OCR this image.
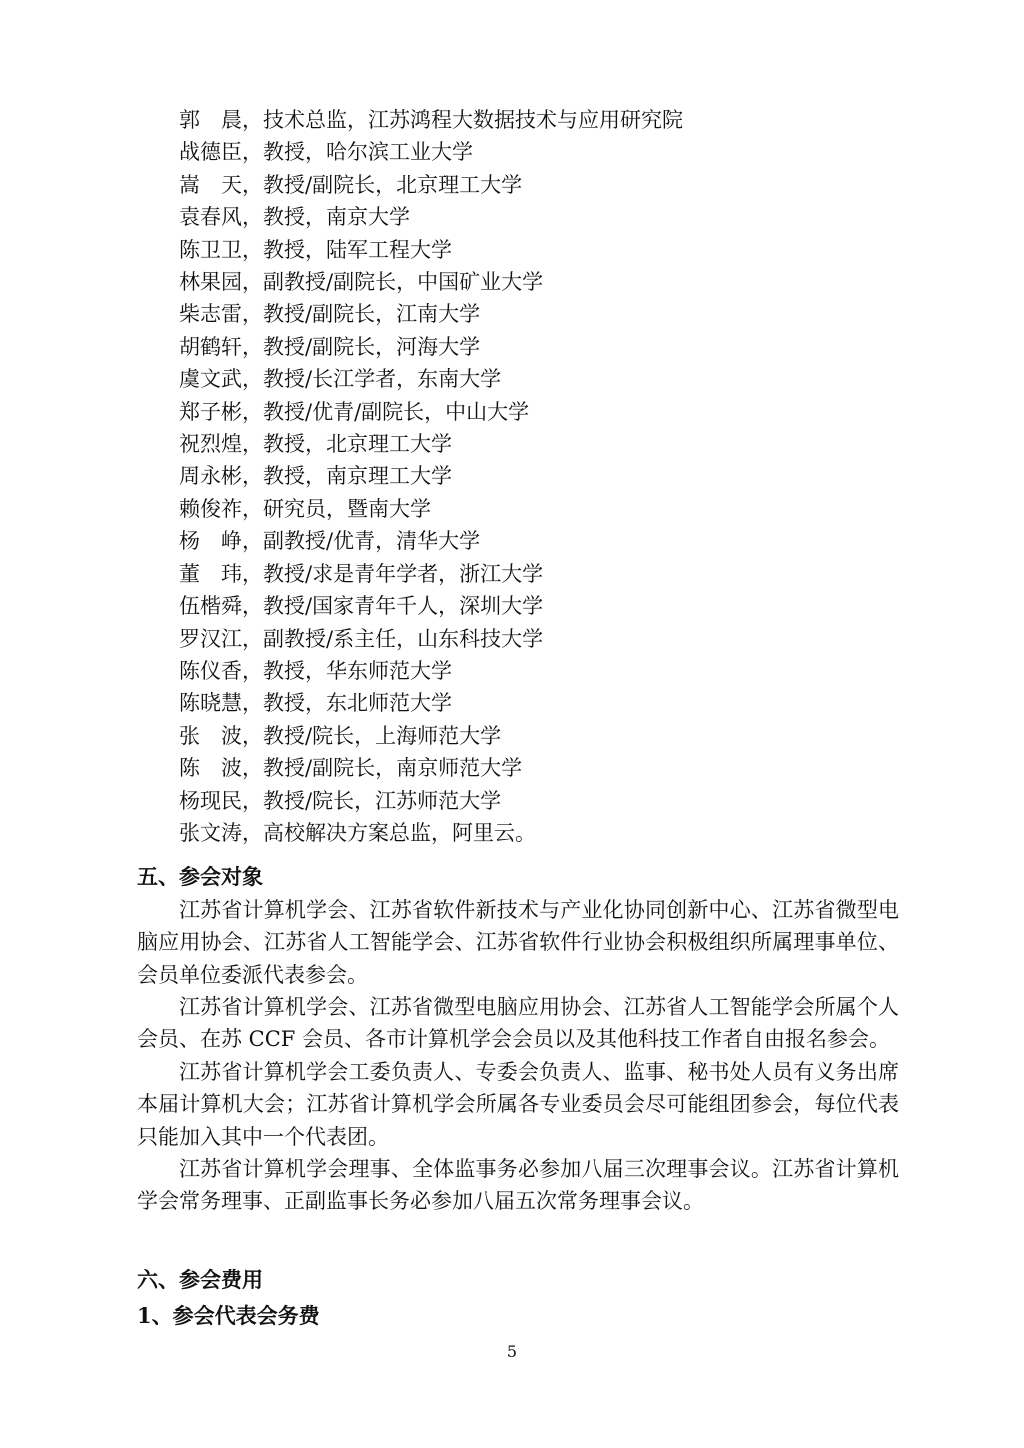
郭　晨，技术总监，江苏鸿程大数据技术与应用研究院
战德臣，教授，哈尔滨工业大学
嵩　天，教授/副院长，北京理工大学
袁春风，教授，南京大学
陈卫卫，教授，陆军工程大学
林果园，副教授/副院长，中国矿业大学
柴志雷，教授/副院长，江南大学
胡鹤轩，教授/副院长，河海大学
虞文武，教授/长江学者，东南大学
郑子彬，教授/优青/副院长，中山大学
祝烈煌，教授，北京理工大学
周永彬，教授，南京理工大学
赖俊祚，研究员，暨南大学
杨　峥，副教授/优青，清华大学
董　玮，教授/求是青年学者，浙江大学
伍楷舜，教授/国家青年千人，深圳大学
罗汉江，副教授/系主任，山东科技大学
陈仪香，教授，华东师范大学
陈晓慧，教授，东北师范大学
张　波，教授/院长，上海师范大学
陈　波，教授/副院长，南京师范大学
杨现民，教授/院长，江苏师范大学
张文涛，高校解决方案总监，阿里云。
五、参会对象

江苏省计算机学会、江苏省软件新技术与产业化协同创新中心、江苏省微型电脑应用协会、江苏省人工智能学会、江苏省软件行业协会积极组织所属理事单位、会员单位委派代表参会。

江苏省计算机学会、江苏省微型电脑应用协会、江苏省人工智能学会所属个人会员、在苏 CCF 会员、各市计算机学会会员以及其他科技工作者自由报名参会。

江苏省计算机学会工委负责人、专委会负责人、监事、秘书处人员有义务出席本届计算机大会；江苏省计算机学会所属各专业委员会尽可能组团参会，每位代表只能加入其中一个代表团。

江苏省计算机学会理事、全体监事务必参加八届三次理事会议。江苏省计算机学会常务理事、正副监事长务必参加八届五次常务理事会议。

六、参会费用
1、参会代表会务费
5
